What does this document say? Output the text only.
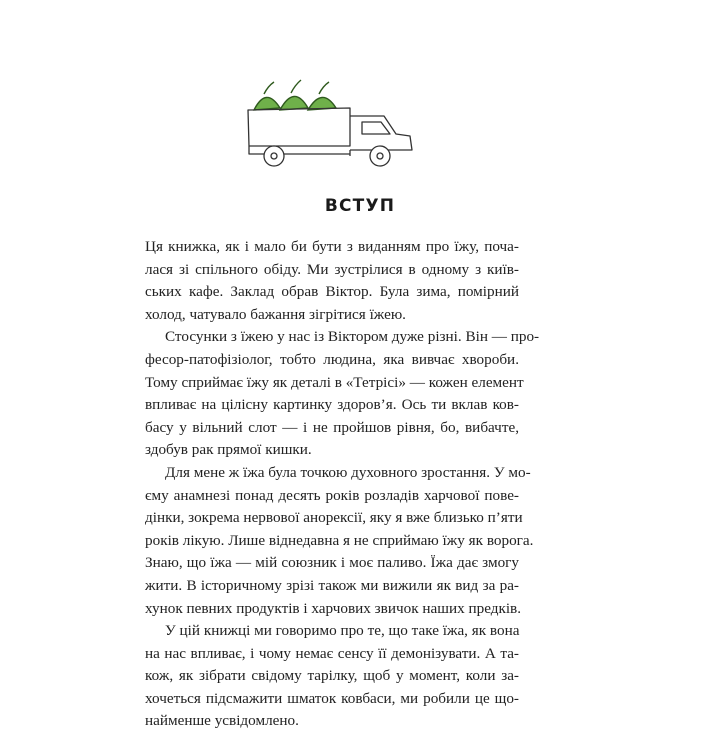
ВСТУП

Ця книжка, як і мало би бути з виданням про їжу, поча-
лася зі спільного обіду. Ми зустрілися в одному з київ-
ських кафе. Заклад обрав Віктор. Була зима, помірний
холод, чатувало бажання зігрітися їжею.

Стосунки з їжею у нас із Віктором дуже різні. Він — про-
фесор-патофізіолог, тобто людина, яка вивчає хвороби.
Тому сприймає їжу як деталі в «Тетрісі» — кожен елемент
впливає на цілісну картинку здоров’я. Ось ти вклав ков-
басу у вільний слот — і не пройшов рівня, бо, вибачте,
здобув рак прямої кишки.

Для мене ж їжа була точкою духовного зростання. У мо-
єму анамнезі понад десять років розладів харчової пове-
дінки, зокрема нервової анорексії, яку я вже близько п’яти
років лікую. Лише віднедавна я не сприймаю їжу як ворога.
Знаю, що їжа — мій союзник і моє паливо. Їжа дає змогу
жити. В історичному зрізі також ми вижили як вид за ра-
хунок певних продуктів і харчових звичок наших предків.

У цій книжці ми говоримо про те, що таке їжа, як вона
на нас впливає, і чому немає сенсу її демонізувати. А та-
кож, як зібрати свідому тарілку, щоб у момент, коли за-
хочеться підсмажити шматок ковбаси, ми робили це що-
найменше усвідомлено.
